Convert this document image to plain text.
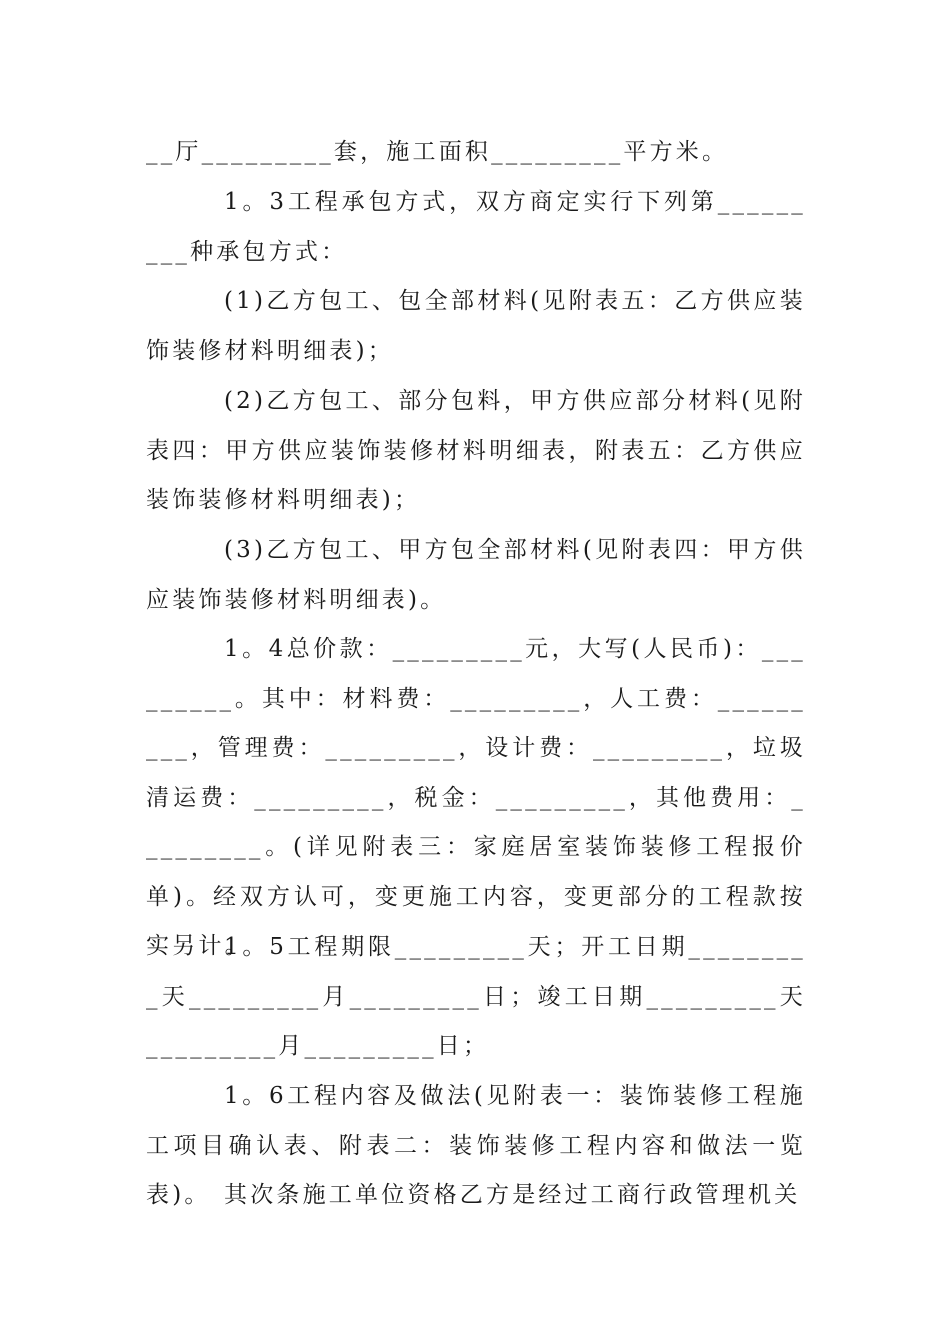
__厅_________套，施工面积_________平方米。

1。3工程承包方式，双方商定实行下列第_________种承包方式：

(1)乙方包工、包全部材料(见附表五：乙方供应装饰装修材料明细表)；

(2)乙方包工、部分包料，甲方供应部分材料(见附表四：甲方供应装饰装修材料明细表，附表五：乙方供应装饰装修材料明细表)；

(3)乙方包工、甲方包全部材料(见附表四：甲方供应装饰装修材料明细表)。

1。4总价款：_________元，大写(人民币)：_________。其中：材料费：_________，人工费：_________，管理费：_________，设计费：_________，垃圾清运费：_________，税金：_________，其他费用：_________。(详见附表三：家庭居室装饰装修工程报价单)。经双方认可，变更施工内容，变更部分的工程款按实另计。

1。5工程期限_________天；开工日期_________天_________月_________日；竣工日期_________天_________月_________日；

1。6工程内容及做法(见附表一：装饰装修工程施工项目确认表、附表二：装饰装修工程内容和做法一览表)。 其次条施工单位资格乙方是经过工商行政管理机关
